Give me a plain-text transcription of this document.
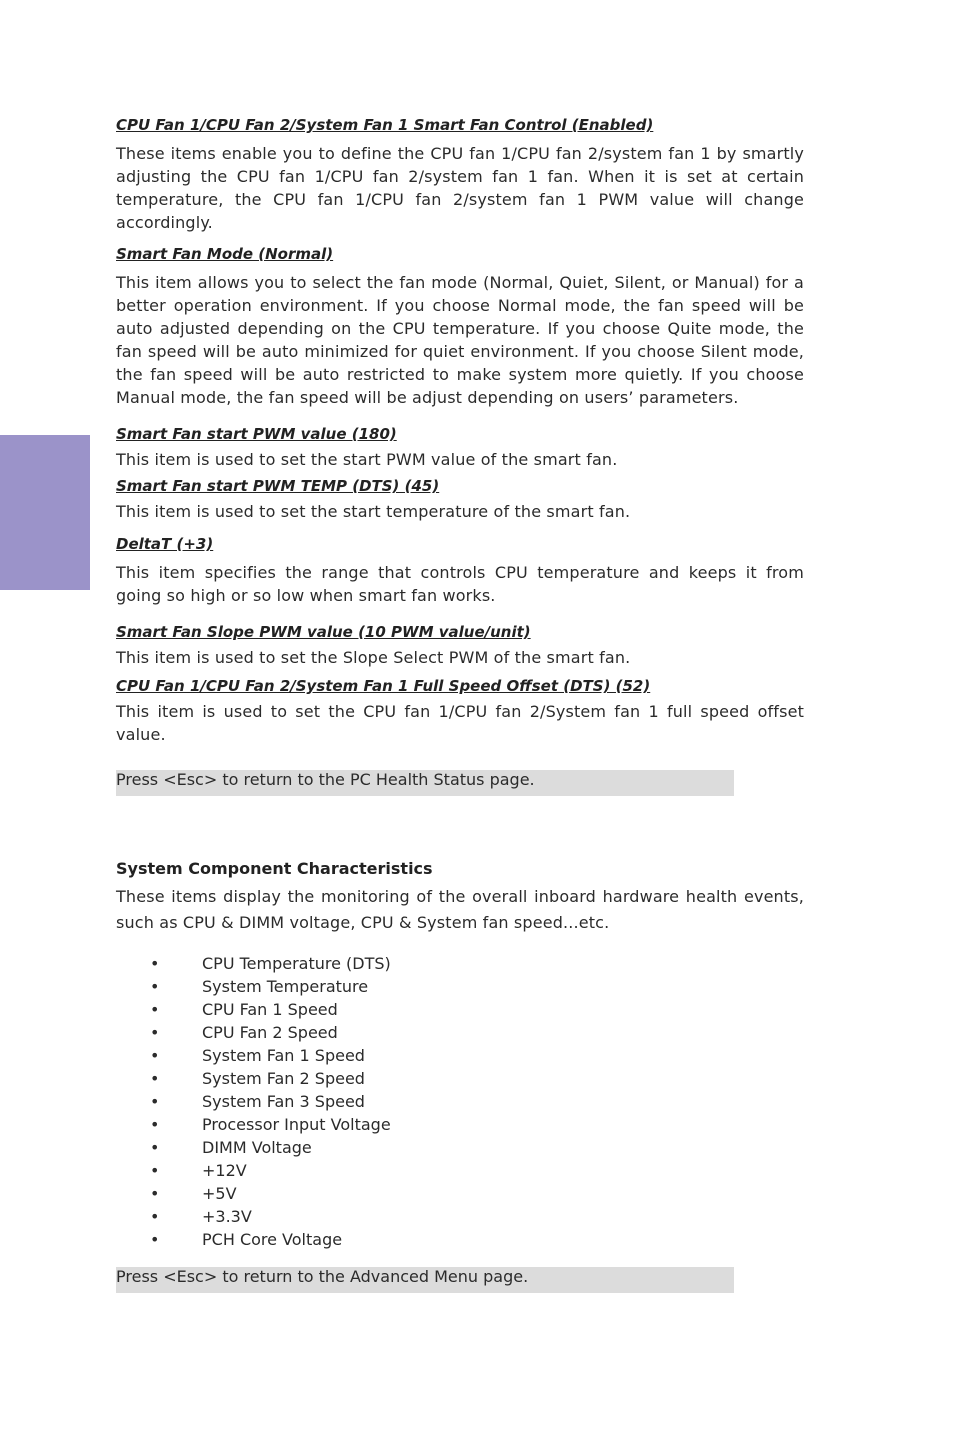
CPU Fan 1/CPU Fan 2/System Fan 1 Smart Fan Control (Enabled)

These items enable you to define the CPU fan 1/CPU fan 2/system fan 1 by smartly adjusting the CPU fan 1/CPU fan 2/system fan 1 fan. When it is set at certain temperature, the CPU fan 1/CPU fan 2/system fan 1 PWM value will change accordingly.

Smart Fan Mode (Normal)

This item allows you to select the fan mode (Normal, Quiet, Silent, or Manual) for a better operation environment. If you choose Normal mode, the fan speed will be auto adjusted depending on the CPU temperature. If you choose Quite mode, the fan speed will be auto minimized for quiet environment. If you choose Silent mode, the fan speed will be auto restricted to make system more quietly. If you choose Manual mode, the fan speed will be adjust depending on users’ parameters.

Smart Fan start PWM value (180)

This item is used to set the start PWM value of the smart fan.

Smart Fan start PWM TEMP (DTS) (45)

This item is used to set the start temperature of the smart fan.

DeltaT (+3)

This item specifies the range that controls CPU temperature and keeps it from going so high or so low when smart fan works.

Smart Fan Slope PWM value (10 PWM value/unit)

This item is used to set the Slope Select PWM of the smart fan.

CPU Fan 1/CPU Fan 2/System Fan 1 Full Speed Offset (DTS) (52)

This item is used to set the CPU fan 1/CPU fan 2/System fan 1 full speed offset value.

Press <Esc> to return to the PC Health Status page.

System Component Characteristics

These items display the monitoring of the overall inboard hardware health events, such as CPU & DIMM voltage, CPU & System fan speed...etc.

•	CPU Temperature (DTS)
•	System Temperature
•	CPU Fan 1 Speed
•	CPU Fan 2 Speed
•	System Fan 1 Speed
•	System Fan 2 Speed
•	System Fan 3 Speed
•	Processor Input Voltage
•	DIMM Voltage
•	+12V
•	+5V
•	+3.3V
•	PCH Core Voltage
Press <Esc> to return to the Advanced Menu page.
